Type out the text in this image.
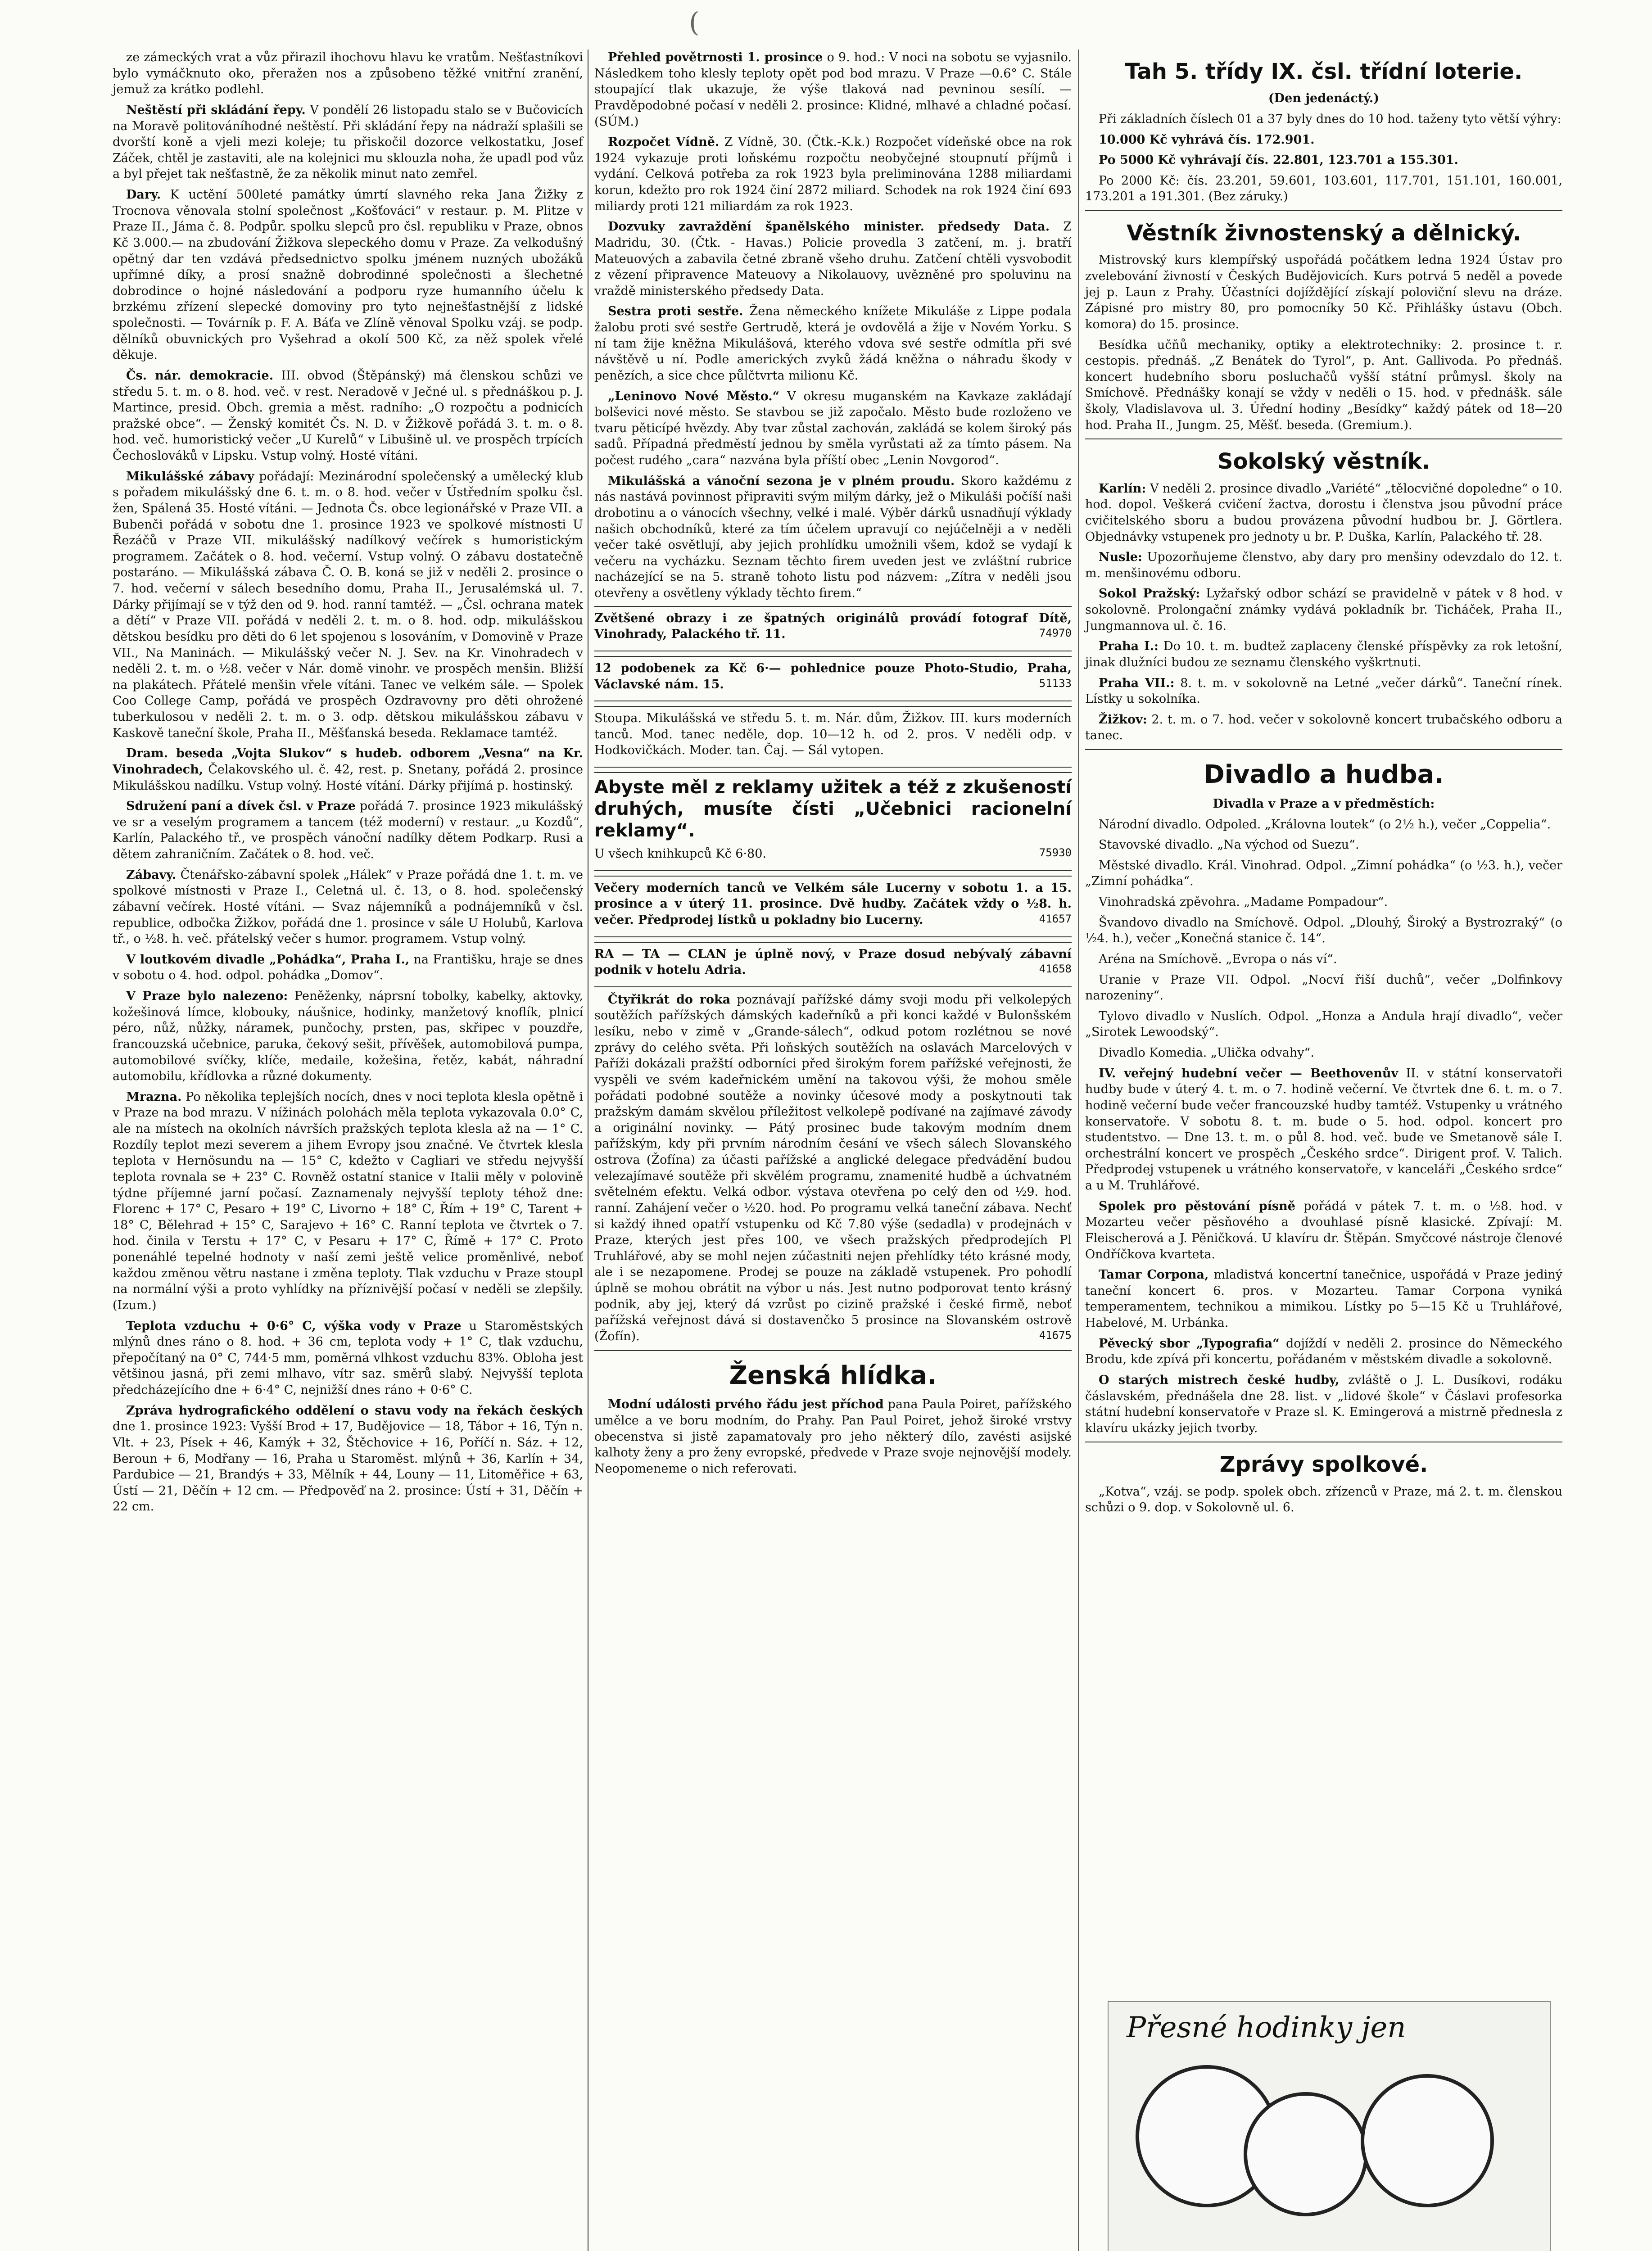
(

ze zámeckých vrat a vůz přirazil ihochovu hlavu ke vratům. Nešťastníkovi bylo vymáčknuto oko, přeražen nos a způsobeno těžké vnitřní zranění, jemuž za krátko podlehl.

Neštěstí při skládání řepy. V pondělí 26 listopadu stalo se v Bučovicích na Moravě politováníhodné neštěstí. Při skládání řepy na nádraží splašili se dvorští koně a vjeli mezi koleje; tu přiskočil dozorce velkostatku, Josef Záček, chtěl je zastaviti, ale na kolejnici mu sklouzla noha, že upadl pod vůz a byl přejet tak nešťastně, že za několik minut nato zemřel.

Dary. K uctění 500leté památky úmrtí slavného reka Jana Žižky z Trocnova věnovala stolní společnost „Košťováci“ v restaur. p. M. Plitze v Praze II., Jámа č. 8. Podpůr. spolku slepců pro čsl. republiku v Praze, obnos Kč 3.000.— na zbudování Žižkova slepeckého domu v Praze. Za velkodušný opětný dar ten vzdává předsednictvo spolku jménem nuzných ubožáků upřímné díky, a prosí snažně dobrodinné společnosti a šlechetné dobrodince o hojné následování a podporu ryze humanního účelu k brzkému zřízení slepecké domoviny pro tyto nejnešťastnější z lidské společnosti. — Továrník p. F. A. Báťa ve Zlíně věnoval Spolku vzáj. se podp. dělníků obuvnických pro Vyšehrad a okolí 500 Kč, za něž spolek vřelé děkuje.

Čs. nár. demokracie. III. obvod (Štěpánský) má členskou schůzi ve středu 5. t. m. o 8. hod. več. v rest. Neradově v Ječné ul. s přednáškou p. J. Martince, presid. Obch. gremia a měst. radního: „O rozpočtu a podnicích pražské obce“. — Ženský komitét Čs. N. D. v Žižkově pořádá 3. t. m. o 8. hod. več. humoristický večer „U Kurelů“ v Libušině ul. ve prospěch trpících Čechoslováků v Lipsku. Vstup volný. Hosté vítáni.

Mikulášské zábavy pořádají: Mezinárodní společenský a umělecký klub s pořadem mikulášský dne 6. t. m. o 8. hod. večer v Ústředním spolku čsl. žen, Spálená 35. Hosté vítáni. — Jednota Čs. obce legionářské v Praze VII. a Bubenči pořádá v sobotu dne 1. prosince 1923 ve spolkové místnosti U Řezáčů v Praze VII. mikulášský nadílkový večírek s humoristickým programem. Začátek o 8. hod. večerní. Vstup volný. O zábavu dostatečně postaráno. — Mikulášská zábava Č. O. B. koná se již v neděli 2. prosince o 7. hod. večerní v sálech besedního domu, Praha II., Jerusalémská ul. 7. Dárky přijímají se v týž den od 9. hod. ranní tamtéž. — „Čsl. ochrana matek a dětí“ v Praze VII. pořádá v neděli 2. t. m. o 8. hod. odp. mikulášskou dětskou besídku pro děti do 6 let spojenou s losováním, v Domovině v Praze VII., Na Maninách. — Mikulášský večer N. J. Sev. na Kr. Vinohradech v neděli 2. t. m. o ½8. večer v Nár. domě vinohr. ve prospěch menšin. Bližší na plakátech. Přátelé menšin vřele vítáni. Tanec ve velkém sále. — Spolek Coo College Camp, pořádá ve prospěch Ozdravovny pro děti ohrožené tuberkulosou v neděli 2. t. m. o 3. odp. dětskou mikulášskou zábavu v Kaskově taneční škole, Praha II., Měšťanská beseda. Reklamace tamtéž.

Dram. beseda „Vojta Slukov“ s hudeb. odborem „Vesna“ na Kr. Vinohradech, Čelakovského ul. č. 42, rest. p. Snetany, pořádá 2. prosince Mikulášskou nadílku. Vstup volný. Hosté vítání. Dárky přijímá p. hostinský.

Sdružení paní a dívek čsl. v Praze pořádá 7. prosince 1923 mikulášský ve sr a veselým programem a tancem (též moderní) v restaur. „u Kozdů“, Karlín, Palackého tř., ve prospěch vánoční nadílky dětem Podkarp. Rusi a dětem zahraničním. Začátek o 8. hod. več.

Zábavy. Čtenářsko-zábavní spolek „Hálek“ v Praze pořádá dne 1. t. m. ve spolkové místnosti v Praze I., Celetná ul. č. 13, o 8. hod. společenský zábavní večírek. Hosté vítáni. — Svaz nájemníků a podnájemníků v čsl. republice, odbočka Žižkov, pořádá dne 1. prosince v sále U Holubů, Karlova tř., o ½8. h. več. přátelský večer s humor. programem. Vstup volný.

V loutkovém divadle „Pohádka“, Praha I., na Františku, hraje se dnes v sobotu o 4. hod. odpol. pohádka „Domov“.

V Praze bylo nalezeno: Peněženky, náprsní tobolky, kabelky, aktovky, kožešinová límce, klobouky, náušnice, hodinky, manžetový knoflík, plnicí péro, nůž, nůžky, náramek, punčochy, prsten, pas, skřipec v pouzdře, francouzská učebnice, paruka, čekový sešit, přívěšek, automobilová pumpa, automobilové svíčky, klíče, medaile, kožešina, řetěz, kabát, náhradní automobilu, křídlovka a různé dokumenty.

Mrazna. Po několika teplejších nocích, dnes v noci teplota klesla opětně i v Praze na bod mrazu. V nížinách polohách měla teplota vykazovala 0.0° C, ale na místech na okolních návrších pražských teplota klesla až na — 1° C. Rozdíly teplot mezi severem a jihem Evropy jsou značné. Ve čtvrtek klesla teplota v Hernösundu na — 15° C, kdežto v Cagliari ve středu nejvyšší teplota rovnala se + 23° C. Rovněž ostatní stanice v Italii měly v polovině týdne příjemné jarní počasí. Zaznamenaly nejvyšší teploty téhož dne: Florenc + 17° C, Pesaro + 19° C, Livorno + 18° C, Řím + 19° C, Tarent + 18° C, Bělehrad + 15° C, Sarajevo + 16° C. Ranní teplota ve čtvrtek o 7. hod. činila v Terstu + 17° C, v Pesaru + 17° C, Římě + 17° C. Proto ponenáhlé tepelné hodnoty v naší zemi ještě velice proměnlivé, neboť každou změnou větru nastane i změna teploty. Tlak vzduchu v Praze stoupl na normální výši a proto vyhlídky na příznivější počasí v neděli se zlepšily. (Izum.)

Teplota vzduchu + 0·6° C, výška vody v Praze u Staroměstských mlýnů dnes ráno o 8. hod. + 36 cm, teplota vody + 1° C, tlak vzduchu, přepočítaný na 0° C, 744·5 mm, poměrná vlhkost vzduchu 83%. Obloha jest většinou jasná, při zemi mlhavo, vítr saz. směrů slabý. Nejvyšší teplota předcházejícího dne + 6·4° C, nejnižší dnes ráno + 0·6° C.

Zpráva hydrografického oddělení o stavu vody na řekách českých dne 1. prosince 1923: Vyšší Brod + 17, Budějovice — 18, Tábor + 16, Týn n. Vlt. + 23, Písek + 46, Kamýk + 32, Štěchovice + 16, Poříčí n. Sáz. + 12, Beroun + 6, Modřany — 16, Praha u Staroměst. mlýnů + 36, Karlín + 34, Pardubice — 21, Brandýs + 33, Mělník + 44, Louny — 11, Litoměřice + 63, Ústí — 21, Děčín + 12 cm. — Předpověď na 2. prosince: Ústí + 31, Děčín + 22 cm.

Přehled povětrnosti 1. prosince o 9. hod.: V noci na sobotu se vyjasnilo. Následkem toho klesly teploty opět pod bod mrazu. V Praze —0.6° C. Stále stoupající tlak ukazuje, že výše tlaková nad pevninou sesílí. — Pravděpodobné počasí v neděli 2. prosince: Klidné, mlhavé a chladné počasí. (SÚM.)

Rozpočet Vídně. Z Vídně, 30. (Čtk.-K.k.) Rozpočet vídeňské obce na rok 1924 vykazuje proti loňskému rozpočtu neobyčejné stoupnutí příjmů i vydání. Celková potřeba za rok 1923 byla preliminována 1288 miliardami korun, kdežto pro rok 1924 činí 2872 miliard. Schodek na rok 1924 činí 693 miliardy proti 121 miliardám za rok 1923.

Dozvuky zavraždění španělského minister. předsedy Data. Z Madridu, 30. (Čtk. - Havas.) Policie provedla 3 zatčení, m. j. bratří Mateuových a zabavila četné zbraně všeho druhu. Zatčení chtěli vysvobodit z vězení připravence Mateuovy a Nikolauovy, uvězněné pro spoluvinu na vraždě ministerského předsedy Data.

Sestra proti sestře. Žena německého knížete Mikuláše z Lippe podala žalobu proti své sestře Gertrudě, která je ovdovělá a žije v Novém Yorku. S ní tam žije kněžna Mikulášová, kteréhо vdova své sestře odmítla při své návštěvě u ní. Podle amerických zvyků žádá kněžna o náhradu škody v penězích, a sice chce půlčtvrta milionu Kč.

„Leninovo Nové Město.“ V okresu muganském na Kavkaze zakládají bolševici nové město. Se stavbou se již započalo. Město bude rozloženo ve tvaru pěticípé hvězdy. Aby tvar zůstal zachován, zakládá se kolem široký pás sadů. Případná předměstí jednou by směla vyrůstati až za tímto pásem. Na počest rudého „cara“ nazvána byla příští obec „Lenin Novgorod“.

Mikulášská a vánoční sezona je v plném proudu. Skoro každému z nás nastává povinnost připraviti svým milým dárky, jež o Mikuláši počíší naši drobotinu a o vánocích všechny, velké i malé. Výběr dárků usnadňují výklady našich obchodníků, které za tím účelem upravují co nejúčelněji a v neděli večer také osvětlují, aby jejich prohlídku umožnili všem, kdož se vydají k večeru na vycházku. Seznam těchto firem uveden jest ve zvláštní rubrice nacházející se na 5. straně tohoto listu pod názvem: „Zítra v neděli jsou otevřeny a osvětleny výklady těchto firem.“

Zvětšené obrazy i ze špatných originálů provádí fotograf Dítě, Vinohrady, Palackého tř. 11.	74970

12 podobenek za Kč 6·— pohlednice pouze Photo-Studio, Praha, Václavské nám. 15.	51133

Stoupa. Mikulášská ve středu 5. t. m. Nár. dům, Žižkov. III. kurs moderních tanců. Mod. tanec neděle, dop. 10—12 h. od 2. pros. V neděli odp. v Hodkovičkách. Moder. tan. Čaj. — Sál vytopen.

Abyste měl z reklamy užitek a též z zkušeností druhých, musíte čísti „Učebnici racionelní reklamy“.

U všech knihkupců Kč 6·80.	75930

Večery moderních tanců ve Velkém sále Lucerny v sobotu 1. a 15. prosince a v úterý 11. prosince. Dvě hudby. Začátek vždy o ½8. h. večer. Předprodej lístků u pokladny bio Lucerny.	41657

RA — TA — CLAN je úplně nový, v Praze dosud nebývalý zábavní podnik v hotelu Adria.	41658

Čtyřikrát do roka poznávají pařížské dámy svoji modu při velkolepých soutěžích pařížských dámských kadeřníků a při konci každé v Bulonšském lesíku, nebo v zimě v „Grande-sálech“, odkud potom rozlétnou se nové zprávy do celého světa. Při loňských soutěžích na oslavách Marcelových v Paříži dokázali pražští odborníci před širokým forem pařížské veřejnosti, že vyspěli ve svém kadeřnickém umění na takovou výši, že mohou směle pořádati podobné soutěže a novinky účesové mody a poskytnouti tak pražským damám skvělou příležitost velkolepě podívané na zajímavé závody a originální novinky. — Pátý prosinec bude takovým modním dnem pařížským, kdy při prvním národním česání ve všech sálech Slovanského ostrova (Žofína) za účasti pařížské a anglické delegace předvádění budou velezajímavé soutěže při skvělém programu, znamenité hudbě a úchvatném světelném efektu. Velká odbor. výstava otevřena po celý den od ½9. hod. ranní. Zahájení večer o ½20. hod. Po programu velká taneční zábava. Nechť si každý ihned opatří vstupenku od Kč 7.80 výše (sedadla) v prodejnách v Praze, kterých jest přes 100, ve všech pražských předprodejích Pl Truhlářové, aby se mohl nejen zúčastniti nejen přehlídky této krásné mody, ale i se nezapomene. Prodej se pouze na základě vstupenek. Pro pohodlí úplně se mohou obrátit na výbor u nás. Jest nutno podporovat tento krásný podnik, aby jej, který dá vzrůst po cizině pražské i české firmě, neboť pařížská veřejnost dává si dostavenčko 5 prosince na Slovanském ostrově (Žofín).	41675

Ženská hlídka.

Modní události prvého řádu jest příchod pana Paula Poiret, pařížského umělce a ve boru modním, do Prahy. Pan Paul Poiret, jehož široké vrstvy obecenstva si jistě zapamatovaly pro jeho některý dílo, zavésti asijské kalhoty ženy a pro ženy evropské, předvede v Praze svoje nejnovější modely. Neopomeneme o nich referovati.

Tah 5. třídy IX. čsl. třídní loterie.

(Den jedenáctý.)

Při základních číslech 01 a 37 byly dnes do 10 hod. taženy tyto větší výhry:

10.000 Kč vyhrává čís. 172.901.

Po 5000 Kč vyhrávají čís. 22.801, 123.701 a 155.301.

Po 2000 Kč: čís. 23.201, 59.601, 103.601, 117.701, 151.101, 160.001, 173.201 a 191.301. (Bez záruky.)

Věstník živnostenský a dělnický.

Mistrovský kurs klempířský uspořádá počátkem ledna 1924 Ústav pro zvelebování živností v Českých Budějovicích. Kurs potrvá 5 neděl a povede jej p. Laun z Prahy. Účastníci dojíždějící získají poloviční slevu na dráze. Zápisné pro mistry 80, pro pomocníky 50 Kč. Přihlášky ústavu (Obch. komora) do 15. prosince.

Besídka učňů mechaniky, optiky a elektrotechniky: 2. prosince t. r. cestopis. přednáš. „Z Benátek do Tyrol“, p. Ant. Gallivoda. Po přednáš. koncert hudebního sboru posluchačů vyšší státní průmysl. školy na Smíchově. Přednášky konají se vždy v neděli o 15. hod. v přednášk. sále školy, Vladislavova ul. 3. Úřední hodiny „Besídky“ každý pátek od 18—20 hod. Praha II., Jungm. 25, Měšť. beseda. (Gremium.).

Sokolský věstník.

Karlín: V neděli 2. prosince divadlo „Variété“ „tělocvičné dopoledne“ o 10. hod. dopol. Veškerá cvičení žactva, dorostu i členstva jsou původní práce cvičitelského sboru a budou provázena původní hudbou br. J. Görtlera. Objednávky vstupenek pro jednoty u br. P. Duška, Karlín, Palackého tř. 28.

Nusle: Upozorňujeme členstvo, aby dary pro menšiny odevzdalo do 12. t. m. menšinovému odboru.

Sokol Pražský: Lyžařský odbor schází se pravidelně v pátek v 8 hod. v sokolovně. Prolongační známky vydává pokladník br. Ticháček, Praha II., Jungmannova ul. č. 16.

Praha I.: Do 10. t. m. budtež zaplaceny členské příspěvky za rok letošní, jinak dlužníci budou ze seznamu členského vyškrtnuti.

Praha VII.: 8. t. m. v sokolovně na Letné „večer dárků“. Taneční rínek. Lístky u sokolníka.

Žižkov: 2. t. m. o 7. hod. večer v sokolovně koncert trubačského odboru a tanec.

Divadlo a hudba.

Divadla v Praze a v předměstích:

Národní divadlo. Odpoled. „Královna loutek“ (o 2½ h.), večer „Coppelia“.

Stavovské divadlo. „Na východ od Suezu“.

Městské divadlo. Král. Vinohrad. Odpol. „Zimní pohádka“ (o ½3. h.), večer „Zimní pohádka“.

Vinohradská zpěvohra. „Madame Pompadour“.

Švandovo divadlo na Smíchově. Odpol. „Dlouhý, Široký a Bystrozraký“ (o ½4. h.), večer „Konečná stanice č. 14“.

Aréna na Smíchově. „Evropa o nás ví“.

Uranie v Praze VII. Odpol. „Nocví řiší duchů“, večer „Dolfinkovy narozeniny“.

Tylovo divadlo v Nuslích. Odpol. „Honza a Andula hrají divadlo“, večer „Sirotek Lewoodský“.

Divadlo Komedia. „Ulička odvahy“.

IV. veřejný hudební večer — Beethovenův II. v státní konservatoři hudby bude v úterý 4. t. m. o 7. hodině večerní. Ve čtvrtek dne 6. t. m. o 7. hodině večerní bude večer francouzské hudby tamtéž. Vstupenky u vrátného konservatoře. V sobotu 8. t. m. bude o 5. hod. odpol. koncert pro studentstvo. — Dne 13. t. m. o půl 8. hod. več. bude ve Smetanově sále I. orchestrální koncert ve prospěch „Českého srdce“. Dirigent prof. V. Talich. Předprodej vstupenek u vrátného konservatoře, v kanceláři „Českého srdce“ a u M. Truhlářové.

Spolek pro pěstování písně pořádá v pátek 7. t. m. o ½8. hod. v Mozarteu večer pěsňového a dvouhlasé písně klasické. Zpívají: M. Fleischerová a J. Pěničková. U klavíru dr. Štěpán. Smyčcové nástroje členové Ondříčkova kvarteta.

Tamar Corpona, mladistvá koncertní tanečnice, uspořádá v Praze jediný taneční koncert 6. pros. v Mozarteu. Tamar Corpona vyniká temperamentem, technikou a mimikou. Lístky po 5—15 Kč u Truhlářové, Habelové, M. Urbánka.

Pěvecký sbor „Typografia“ dojíždí v neděli 2. prosince do Německého Brodu, kde zpívá při koncertu, pořádaném v městském divadle a sokolovně.

O starých mistrech české hudby, zvláště o J. L. Dusíkovi, rodáku čáslavském, přednášela dne 28. list. v „lidové škole“ v Čáslavi profesorka státní hudební konservatoře v Praze sl. K. Emingerová a mistrně přednesla z klavíru ukázky jejich tvorby.

Zprávy spolkové.

„Kotva“, vzáj. se podp. spolek obch. zřízenců v Praze, má 2. t. m. členskou schůzi o 9. dop. v Sokolovně ul. 6.

Přesné hodinky jen
